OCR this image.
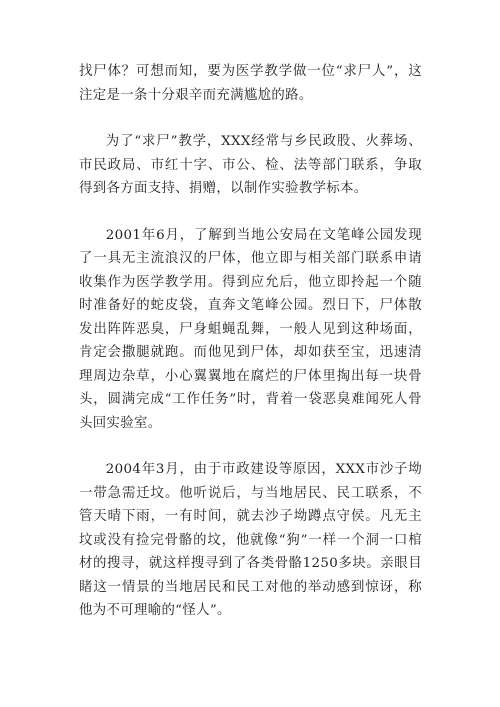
找尸体？可想而知，要为医学教学做一位“求尸人”，这注定是一条十分艰辛而充满尴尬的路。

为了“求尸”教学，XXX经常与乡民政股、火葬场、市民政局、市红十字、市公、检、法等部门联系，争取得到各方面支持、捐赠，以制作实验教学标本。

2001年6月，了解到当地公安局在文笔峰公园发现了一具无主流浪汉的尸体，他立即与相关部门联系申请收集作为医学教学用。得到应允后，他立即拎起一个随时准备好的蛇皮袋，直奔文笔峰公园。烈日下，尸体散发出阵阵恶臭，尸身蛆蝇乱舞，一般人见到这种场面，肯定会撒腿就跑。而他见到尸体，却如获至宝，迅速清理周边杂草，小心翼翼地在腐烂的尸体里掏出每一块骨头，圆满完成“工作任务”时，背着一袋恶臭难闻死人骨头回实验室。

2004年3月，由于市政建设等原因，XXX市沙子坳一带急需迁坟。他听说后，与当地居民、民工联系，不管天晴下雨，一有时间，就去沙子坳蹲点守侯。凡无主坟或没有捡完骨骼的坟，他就像“狗”一样一个洞一口棺材的搜寻，就这样搜寻到了各类骨骼1250多块。亲眼目睹这一情景的当地居民和民工对他的举动感到惊讶，称他为不可理喻的“怪人”。
